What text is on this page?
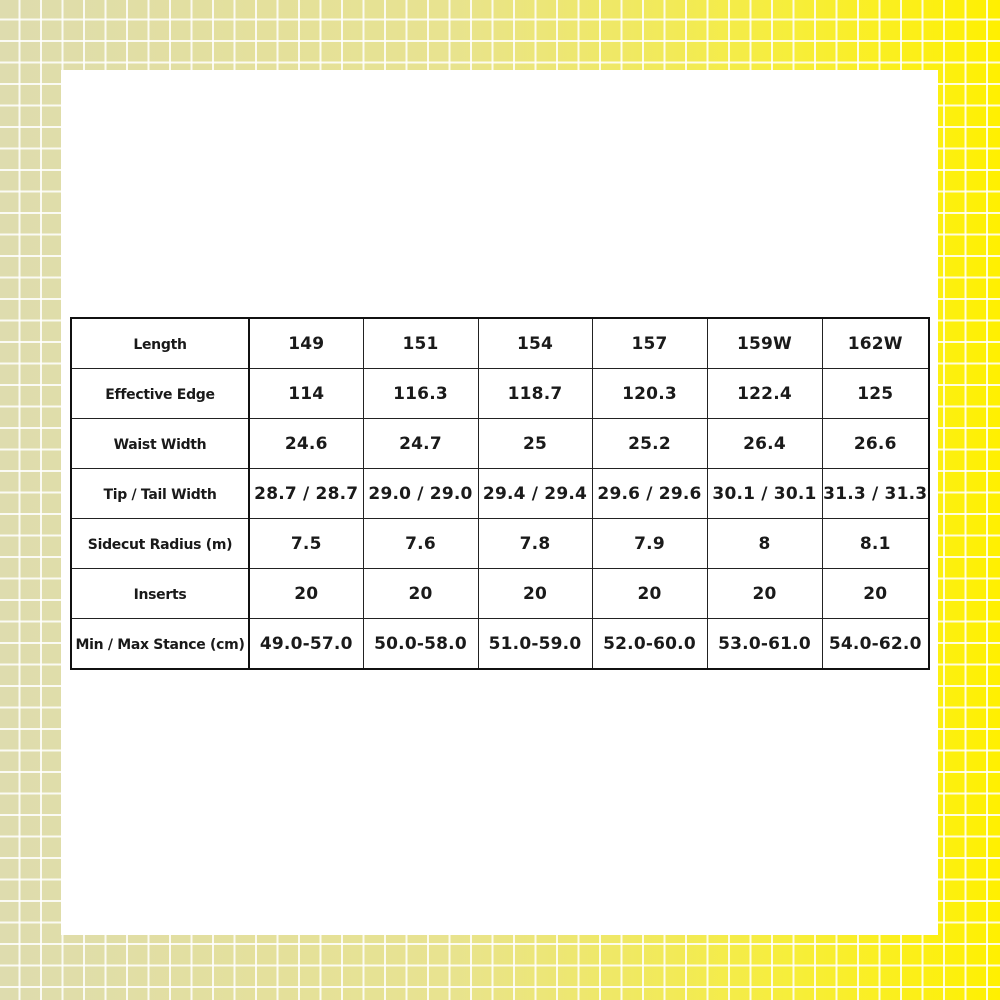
Length	149	151	154	157	159W	162W
Effective Edge	114	116.3	118.7	120.3	122.4	125
Waist Width	24.6	24.7	25	25.2	26.4	26.6
Tip / Tail Width	28.7 / 28.7	29.0 / 29.0	29.4 / 29.4	29.6 / 29.6	30.1 / 30.1	31.3 / 31.3
Sidecut Radius (m)	7.5	7.6	7.8	7.9	8	8.1
Inserts	20	20	20	20	20	20
Min / Max Stance (cm)	49.0-57.0	50.0-58.0	51.0-59.0	52.0-60.0	53.0-61.0	54.0-62.0
